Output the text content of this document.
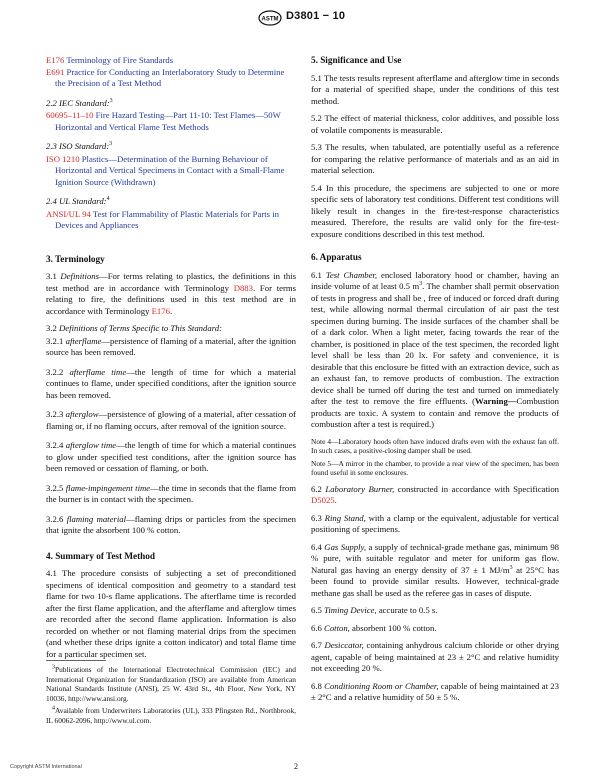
ASTM D3801 − 10

E176 Terminology of Fire Standards

E691 Practice for Conducting an Interlaboratory Study to Determine the Precision of a Test Method

2.2 IEC Standard:$^3$

60695–11–10 Fire Hazard Testing—Part 11-10: Test Flames—50W Horizontal and Vertical Flame Test Methods

2.3 ISO Standard:$^3$

ISO 1210 Plastics—Determination of the Burning Behaviour of Horizontal and Vertical Specimens in Contact with a Small-Flame Ignition Source (Withdrawn)

2.4 UL Standard:$^4$

ANSI/UL 94 Test for Flammability of Plastic Materials for Parts in Devices and Appliances

3. Terminology

3.1 Definitions—For terms relating to plastics, the definitions in this test method are in accordance with Terminology D883. For terms relating to fire, the definitions used in this test method are in accordance with Terminology E176.

3.2 Definitions of Terms Specific to This Standard:

3.2.1 afterflame—persistence of flaming of a material, after the ignition source has been removed.

3.2.2 afterflame time—the length of time for which a material continues to flame, under specified conditions, after the ignition source has been removed.

3.2.3 afterglow—persistence of glowing of a material, after cessation of flaming or, if no flaming occurs, after removal of the ignition source.

3.2.4 afterglow time—the length of time for which a material continues to glow under specified test conditions, after the ignition source has been removed or cessation of flaming, or both.

3.2.5 flame-impingement time—the time in seconds that the flame from the burner is in contact with the specimen.

3.2.6 flaming material—flaming drips or particles from the specimen that ignite the absorbent 100 % cotton.

4. Summary of Test Method

4.1 The procedure consists of subjecting a set of preconditioned specimens of identical composition and geometry to a standard test flame for two 10-s flame applications. The afterflame time is recorded after the first flame application, and the afterflame and afterglow times are recorded after the second flame application. Information is also recorded on whether or not flaming material drips from the specimen (and whether these drips ignite a cotton indicator) and total flame time for a particular specimen set.

$^3$Publications of the International Electrotechnical Commission (IEC) and International Organization for Standardization (ISO) are available from American National Standards Institute (ANSI), 25 W. 43rd St., 4th Floor, New York, NY 10036, http://www.ansi.org.

$^4$Available from Underwriters Laboratories (UL), 333 Pfingsten Rd., Northbrook, IL 60062-2096, http://www.ul.com.

5. Significance and Use

5.1 The tests results represent afterflame and afterglow time in seconds for a material of specified shape, under the conditions of this test method.

5.2 The effect of material thickness, color additives, and possible loss of volatile components is measurable.

5.3 The results, when tabulated, are potentially useful as a reference for comparing the relative performance of materials and as an aid in material selection.

5.4 In this procedure, the specimens are subjected to one or more specific sets of laboratory test conditions. Different test conditions will likely result in changes in the fire-test-response characteristics measured. Therefore, the results are valid only for the fire-test-exposure conditions described in this test method.

6. Apparatus

6.1 Test Chamber, enclosed laboratory hood or chamber, having an inside volume of at least 0.5 $m^3$. The chamber shall permit observation of tests in progress and shall be , free of induced or forced draft during test, while allowing normal thermal circulation of air past the test specimen during burning. The inside surfaces of the chamber shall be of a dark color. When a light meter, facing towards the rear of the chamber, is positioned in place of the test specimen, the recorded light level shall be less than 20 lx. For safety and convenience, it is desirable that this enclosure be fitted with an extraction device, such as an exhaust fan, to remove products of combustion. The extraction device shall be turned off during the test and turned on immediately after the test to remove the fire effluents. (Warning—Combustion products are toxic. A system to contain and remove the products of combustion after a test is required.)

Note 4—Laboratory hoods often have induced drafts even with the exhaust fan off. In such cases, a positive-closing damper shall be used.

Note 5—A mirror in the chamber, to provide a rear view of the specimen, has been found useful in some enclosures.

6.2 Laboratory Burner, constructed in accordance with Specification D5025.

6.3 Ring Stand, with a clamp or the equivalent, adjustable for vertical positioning of specimens.

6.4 Gas Supply, a supply of technical-grade methane gas, minimum 98 % pure, with suitable regulator and meter for uniform gas flow. Natural gas having an energy density of 37 ± 1 $MJ/m^3$ at 25°C has been found to provide similar results. However, technical-grade methane gas shall be used as the referee gas in cases of dispute.

6.5 Timing Device, accurate to 0.5 s.

6.6 Cotton, absorbent 100 % cotton.

6.7 Desiccator, containing anhydrous calcium chloride or other drying agent, capable of being maintained at 23 ± 2°C and relative humidity not exceeding 20 %.

6.8 Conditioning Room or Chamber, capable of being maintained at 23 ± 2°C and a relative humidity of 50 ± 5 %.

Copyright ASTM International	2
